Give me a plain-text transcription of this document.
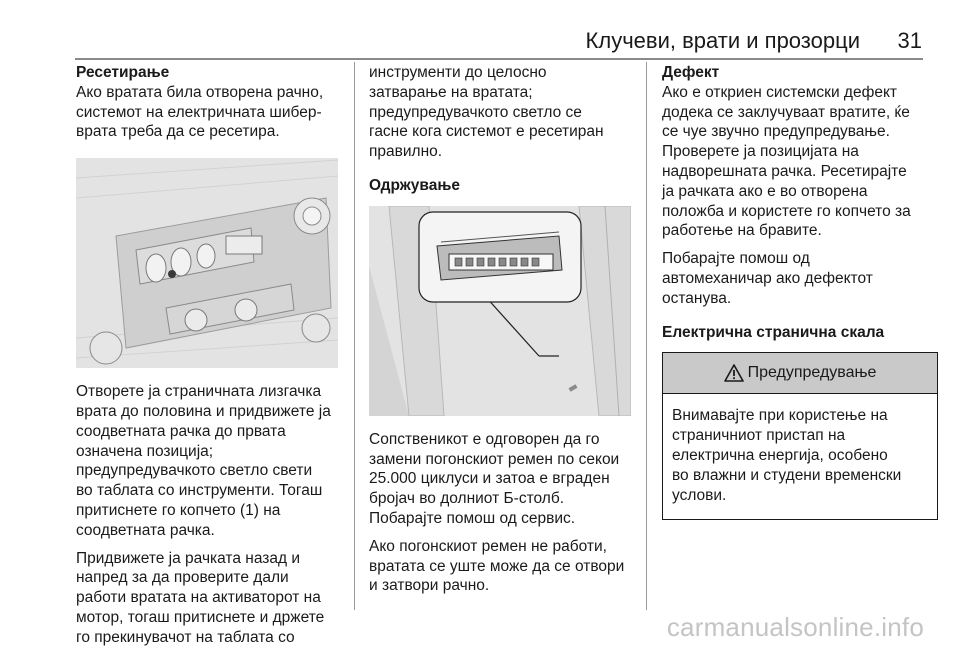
Клучеви, врати и прозорци 31
Ресетирање

Ако вратата била отворена рачно,
системот на електричната шибер-
врата треба да се ресетира.

Отворете ја страничната лизгачка
врата до половина и придвижете ја
соодветната рачка до првата
означена позиција;
предупредувачкото светло свети
во таблата со инструменти. Тогаш
притиснете го копчето (1) на
соодветната рачка.

Придвижете ја рачката назад и
напред за да проверите дали
работи вратата на активаторот на
мотор, тогаш притиснете и држете
го прекинувачот на таблата со

инструменти до целосно
затварање на вратата;
предупредувачкото светло се
гасне кога системот е ресетиран
правилно.

Одржување

Сопственикот е одговорен да го
замени погонскиот ремен по секои
25.000 циклуси и затоа е вграден
бројач во долниот Б-столб.
Побарајте помош од сервис.

Ако погонскиот ремен не работи,
вратата се уште може да се отвори
и затвори рачно.

Дефект

Ако е откриен системски дефект
додека се заклучуваат вратите, ќе
се чуе звучно предупредување.
Проверете ја позицијата на
надворешната рачка. Ресетирајте
ја рачката ако е во отворена
положба и користете го копчето за
работење на бравите.

Побарајте помош од
автомеханичар ако дефектот
останува.

Електрична странична скала
Предупредување
Внимавајте при користење на
страничниот пристап на
електрична енергија, особено
во влажни и студени временски
услови.
carmanualsonline.info
